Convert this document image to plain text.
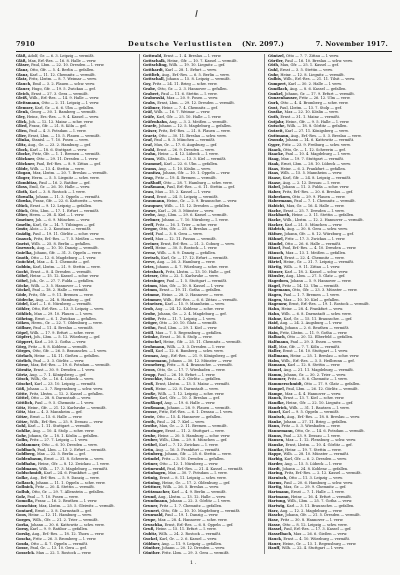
7910	Deutsche Verlustlisten (Nr. 2097.)	7. November 1917.
Gläß, Adolf, Gr. — 6. 3. Leipzig — vermißt.
Gläß, Max, Erf.-Res. — 16. 8. Halle — verw.
Gläser, Paul, Lbm. — 22. 10. Dresden — l. verw.
Glanz, Otto, Gfr. — 5. 4. Berlin — gefallen.
Glanz, Karl — 11. 12. Chemnitz — vermißt.
Glatz, Fritz, Lbstm. — 8. 7. Weimar — verw.
Glauch, Emil — 3. 2. Plauen — schw. verw.
Glauer, Hugo, Gfr. — 19. 5. Zwickau — gef.
Gleich, Ernst — 27. 3. Gera — vermißt.
Gleiß, Wilh., Erf.-Res. — 14. 9. Halle — verw.
Gleitsmann, Otto — 2. 11. Leipzig — l. verw.
Glemser, Karl, Gr. — 6. 6. Ulm — gefallen.
Glenk, Georg — 30. 1. Bamberg — vermißt.
Gley, Heinr., Ers.-Res. — 9. 4. Kassel — verw.
Glick, Joh. — 12. 12. Mainz — schw. verw.
Glied, Franz, Gfr. — 21. 8. Köln — gef.
Glien, Paul — 4. 3. Potsdam — l. verw.
Glier, Ernst, Lbm. — 15. 5. Plauen — vermißt.
Glinka, Stanisl. — 7. 10. Posen — verw.
Glitz, Aug., Gr. — 23. 2. Hamburg — gef.
Glock, Karl — 18. 6. Stuttgart — verw.
Glocke, Fritz, Gfr. — 1. 1. Bremen — vermißt.
Glöckner, Otto — 29. 11. Dresden — l. verw.
Glöckner, Paul, Erf.-Res. — 8. 9. Zittau — gef.
Glöde, Wilh. — 13. 4. Stettin — verw.
Glogau, Max, Lbstm. — 20. 7. Breslau — vermißt.
Gloger, Herm. — 5. 5. Liegnitz — schw. verw.
Glombitza, Paul — 16. 2. Ratibor — gef.
Gloss, Emil, Gr. — 26. 10. Halle — verw.
Gloth, Karl — 3. 8. Rostock — l. verw.
Glowalla, Johann — 11. 3. Oppeln — vermißt.
Glowka, Franz, Gfr. — 22. 6. Kattowitz — verw.
Glück, Ernst — 9. 12. Leipzig — gefallen.
Glück, Otto, Lbm. — 17. 1. Erfurt — vermißt.
Glüer, Herm. — 28. 4. Kiel — l. verw.
Gmeiner, Joh. — 6. 9. München — verw.
Gmelin, Karl, Gr. — 14. 7. Tübingen — gef.
Gmür, Alois — 2. 2. Konstanz — vermißt.
Gnädig, Paul — 19. 11. Görlitz — schw. verw.
Gnauck, Fritz, Erf.-Res. — 7. 5. Meißen — verw.
Gneist, Wilh. — 25. 8. Berlin — gefallen.
Gnewuch, Aug. — 10. 10. Danzig — vermißt.
Gnielka, Johann, Gfr. — 31. 3. Oppeln — verw.
Gnoth, Otto — 12. 6. Magdeburg — l. verw.
Gnüchtel, Max — 4. 1. Chemnitz — gef.
Gobbin, Karl, Lbstm. — 21. 9. Stettin — verw.
Gocht, Ernst — 8. 4. Dresden — vermißt.
Göbel, Heinr. — 15. 12. Kassel — schw. verw.
Göbel, Joh., Gr. — 27. 7. Fulda — gefallen.
Göcke, Wilh. — 3. 5. Hannover — l. verw.
Göckel, Paul — 18. 2. Halle — vermißt.
Göde, Fritz, Gfr. — 9. 11. Bremen — verw.
Gödecke, Aug. — 24. 8. Hamburg — gef.
Gödel, Karl — 1. 6. Nürnberg — vermißt.
Göhler, Otto, Erf.-Res. — 13. 3. Leipzig — verw.
Göhlich, Max — 29. 10. Plauen — l. verw.
Göhring, Ernst — 6. 1. Zwickau — gefallen.
Göken, Herm., Gr. — 22. 7. Oldenburg — verw.
Göllner, Paul — 11. 4. Breslau — vermißt.
Göpel, Wilh. — 17. 9. Erfurt — schw. verw.
Göpfert, Joh., Lbm. — 5. 12. Würzburg — gef.
Göppert, Karl — 20. 2. Gotha — verw.
Görg, Fritz — 8. 8. Koblenz — vermißt.
Görges, Otto, Gfr. — 26. 5. Braunschw. — l. verw.
Görlach, Heinr. — 14. 11. Gießen — gefallen.
Görlich, Paul — 3. 3. Görlitz — verw.
Görne, Max, Erf.-Res. — 19. 6. Potsdam — vermißt.
Görnitz, Ernst — 30. 9. Dresden — l. verw.
Görtz, Aug. — 7. 1. Königsberg — gef.
Gösch, Wilh., Gr. — 16. 4. Lübeck — verw.
Göschel, Karl — 23. 10. Leipzig — vermißt.
Göß, Johann — 2. 7. Regensburg — schw. verw.
Götte, Fritz, Lbstm. — 12. 2. Kassel — gefallen.
Göttel, Otto — 28. 8. Darmstadt — verw.
Göttlich, Paul — 9. 5. Chemnitz — l. verw.
Götz, Heinr., Gfr. — 21. 12. Karlsruhe — vermißt.
Götz, Max — 4. 3. Mannheim — gef.
Götze, Ernst — 15. 6. Halle — verw.
Götze, Wilh., Erf.-Res. — 25. 9. Dessau — verw.
Gohl, Karl — 1. 11. Stuttgart — vermißt.
Gohlke, Aug. — 10. 4. Stolp — schw. verw.
Gohr, Johann, Gr. — 18. 1. Köslin — gefallen.
Golbs, Fritz — 27. 7. Leipzig — l. verw.
Goldammer, Otto — 6. 10. Dresden — verw.
Goldbach, Paul, Lbm. — 13. 2. Erfurt — vermißt.
Goldberg, Max — 22. 5. Berlin — gef.
Goldenbaum, Ernst — 31. 8. Schwerin — verw.
Goldhahn, Heinr., Gfr. — 8. 12. Zwickau — l. verw.
Goldmann, Wilh. — 17. 3. Magdeburg — vermißt.
Goldschmidt, Karl — 24. 6. Frankfurt — gef.
Golke, Aug., Erf.-Res. — 5. 9. Danzig — verw.
Gollasch, Johann — 11. 1. Oppeln — schw. verw.
Gollnick, Fritz — 20. 4. Stettin — vermißt.
Gollub, Otto, Gr. — 29. 7. Allenstein — gefallen.
Golz, Paul — 7. 10. Posen — verw.
Gomolla, Franz — 16. 2. Beuthen — l. verw.
Gonschior, Max, Lbstm. — 25. 5. Gleiwitz — vermißt.
Gontard, Ernst — 3. 8. Darmstadt — gef.
Goos, Heinr. — 12. 11. Hamburg — verw.
Gorges, Wilh., Gfr. — 21. 2. Trier — vermißt.
Gorka, Johann — 30. 6. Kattowitz — schw. verw.
Gorny, Karl — 9. 9. Ratibor — gefallen.
Gorsky, Aug., Erf.-Res. — 18. 12. Thorn — verw.
Goscha, Fritz — 26. 3. Bromberg — l. verw.
Gosda, Otto — 4. 7. Oppeln — vermißt.
Gosse, Paul, Gr. — 13. 10. Gera — gef.
Gosselck, Max — 22. 1. Rostock — verw.
Gottwald, Ernst — 1. 4. Breslau — l. verw.
Gottschalk, Heinr., Gfr. — 10. 7. Kassel — vermißt.
Gottschling, Wilh. — 19. 10. Liegnitz — gef.
Gotthardt, Karl — 28. 1. Erfurt — verw.
Gottlieb, Aug., Erf.-Res. — 6. 5. Berlin — verw.
Gottschall, Johann — 15. 8. Leipzig — vermißt.
Goy, Fritz — 24. 11. Brieg — schw. verw.
Grabe, Otto, Gr. — 2. 3. Hannover — gefallen.
Grabert, Paul — 11. 6. Stettin — l. verw.
Grabowski, Max — 20. 9. Posen — verw.
Grabs, Ernst, Lbm. — 29. 12. Dresden — vermißt.
Gräbner, Heinr. — 7. 4. Chemnitz — gef.
Gräf, Wilh. — 16. 7. Weimar — verw.
Gräfe, Karl, Gfr. — 25. 10. Halle — l. verw.
Gräfenhahn, Aug. — 3. 2. Meißen — vermißt.
Graefe, Johann — 12. 5. Magdeburg — gefallen.
Gräser, Fritz, Erf.-Res. — 21. 8. Plauen — verw.
Graetz, Otto — 30. 11. Breslau — schw. verw.
Graf, Paul — 8. 3. München — vermißt.
Graf, Max, Gr. — 17. 6. Augsburg — gef.
Grahl, Ernst — 26. 9. Dresden — verw.
Grahn, Heinr. — 4. 12. Lübeck — l. verw.
Gram, Wilh., Lbstm. — 13. 3. Kiel — vermißt.
Grammel, Karl — 22. 6. Ulm — gefallen.
Grams, Aug. — 1. 10. Köslin — verw.
Granitza, Johann, Gfr. — 10. 1. Oppeln — verw.
Grap, Fritz — 19. 4. Bremen — vermißt.
Graßhoff, Otto — 28. 7. Hamburg — schw. verw.
Graßmann, Paul, Erf.-Res. — 6. 11. Stettin — gef.
Grau, Max — 15. 2. Kassel — l. verw.
Graul, Ernst — 24. 5. Leipzig — vermißt.
Graumann, Heinr., Gr. — 2. 9. Braunschw. — verw.
Graupner, Wilh. — 11. 12. Dresden — gefallen.
Grawe, Karl — 20. 3. Münster — verw.
Grebe, Aug., Lbm. — 29. 6. Kassel — vermißt.
Grebner, Johann — 7. 10. Nürnberg — l. verw.
Greff, Fritz — 16. 1. Trier — schw. verw.
Gregor, Otto, Gfr. — 25. 4. Breslau — gef.
Greif, Paul — 3. 8. Gera — verw.
Greil, Max — 12. 11. Passau — vermißt.
Greiner, Ernst, Erf.-Res. — 21. 2. Coburg — verw.
Grell, Heinr. — 30. 5. Rostock — l. verw.
Grenz, Wilh. — 8. 9. Danzig — gefallen.
Gretsch, Karl, Gr. — 17. 12. Erfurt — vermißt.
Greve, Aug. — 26. 3. Hamburg — verw.
Gries, Johann — 4. 7. Würzburg — schw. verw.
Griesbach, Fritz, Lbstm. — 13. 10. Halle — gef.
Grieser, Otto — 22. 1. Karlsruhe — verw.
Griesinger, Paul — 1. 5. Stuttgart — vermißt.
Grimm, Max, Gfr. — 10. 8. Kassel — l. verw.
Grimm, Ernst — 19. 11. Gotha — gefallen.
Grimme, Heinr. — 28. 2. Hannover — verw.
Grimmer, Wilh., Erf.-Res. — 6. 6. Zittau — vermißt.
Grineisen, Karl — 15. 9. Mannheim — verw.
Grob, Aug. — 24. 12. Koblenz — schw. verw.
Grobe, Johann, Gr. — 2. 4. Magdeburg — gef.
Gröbe, Fritz — 11. 7. Leipzig — l. verw.
Gröger, Otto — 20. 10. Glatz — vermißt.
Gröhn, Paul, Lbm. — 29. 1. Kiel — verw.
Gröll, Max — 7. 5. Regensburg — gefallen.
Grönke, Ernst — 16. 8. Stolp — verw.
Gröschel, Heinr., Gfr. — 25. 11. Chemnitz — vermißt.
Grohmann, Wilh. — 3. 3. Dresden — l. verw.
Groll, Karl — 12. 6. Bamberg — schw. verw.
Gronau, Aug., Erf.-Res. — 21. 9. Königsberg — gef.
Gronemann, Johann — 30. 12. Münster — verw.
Groneberg, Fritz — 8. 4. Braunschw. — vermißt.
Groos, Otto, Gr. — 17. 7. Wiesbaden — verw.
Gropp, Paul — 26. 10. Erfurt — l. verw.
Groschke, Max — 4. 2. Görlitz — gefallen.
Groß, Ernst, Lbstm. — 13. 5. Mainz — vermißt.
Groß, Heinr. — 22. 8. Darmstadt — verw.
Große, Wilh. — 1. 12. Leipzig — schw. verw.
Großer, Karl, Gfr. — 10. 3. Breslau — gef.
Großkopf, Aug. — 19. 6. Halle — verw.
Großmann, Johann — 28. 9. Plauen — vermißt.
Grosse, Fritz, Erf.-Res. — 6. 1. Dessau — l. verw.
Grote, Otto — 15. 4. Hannover — gefallen.
Groth, Paul — 24. 7. Kiel — verw.
Grothe, Max, Gr. — 2. 11. Bremen — vermißt.
Grozinger, Ernst — 11. 2. Stuttgart — verw.
Grube, Heinr. — 20. 5. Hamburg — schw. verw.
Gruber, Wilh., Lbm. — 29. 8. München — gef.
Grübel, Karl — 7. 12. Zwickau — l. verw.
Grün, Aug. — 16. 3. Frankfurt — vermißt.
Grünberg, Johann, Gfr. — 25. 6. Stettin — verw.
Gründel, Fritz — 3. 10. Dresden — gefallen.
Grüner, Otto — 12. 1. Nürnberg — verw.
Grünewald, Paul, Erf.-Res. — 21. 4. Kassel — vermißt.
Grünhagen, Max — 30. 7. Potsdam — l. verw.
Grünig, Ernst — 8. 11. Leipzig — schw. verw.
Grüning, Heinr., Gr. — 17. 2. Oldenburg — gef.
Grüttner, Wilh. — 26. 5. Breslau — verw.
Grützmacher, Karl — 4. 9. Berlin — vermißt.
Grund, Aug., Lbstm. — 13. 12. Halle — verw.
Grundmann, Johann — 22. 3. Görlitz — l. verw.
Gruner, Fritz — 1. 7. Chemnitz — gefallen.
Grunert, Otto, Gfr. — 10. 10. Magdeburg — vermißt.
Grunwald, Paul — 19. 1. Danzig — verw.
Grupe, Max — 28. 4. Hannover — schw. verw.
Gruschka, Ernst, Erf.-Res. — 6. 8. Oppeln — gef.
Gruß, Heinr. — 15. 11. Erfurt — l. verw.
Gubitz, Wilh. — 24. 2. Rostock — vermißt.
Guckel, Karl, Gr. — 2. 6. Kassel — verw.
Güldner, Aug. — 11. 9. Leipzig — gefallen.
Günther, Johann — 20. 12. Dresden — verw.
Günther, Fritz, Lbm. — 29. 3. Gera — vermißt.
Güntzel, Otto — 7. 7. Zittau — l. verw.
Gürtler, Paul — 16. 10. Breslau — schw. verw.
Güth, Max, Gfr. — 25. 1. Kassel — gef.
Guhl, Ernst — 3. 5. Stettin — verw.
Guhr, Heinr. — 12. 8. Liegnitz — vermißt.
Gulbis, Wilh., Erf.-Res. — 21. 11. Tilsit — verw.
Gumpert, Karl — 30. 2. Halle — l. verw.
Gundlach, Aug. — 8. 6. Kassel — gefallen.
Gunkel, Johann, Gr. — 17. 9. Erfurt — vermißt.
Gunzenhauser, Fritz — 26. 12. Ulm — verw.
Gurk, Otto — 4. 4. Bromberg — schw. verw.
Gust, Paul, Lbstm. — 13. 7. Stolp — gef.
Gustke, Max — 22. 10. Köslin — verw.
Guth, Ernst — 31. 1. Mainz — vermißt.
Gutjahr, Heinr., Gfr. — 9. 5. Halle — l. verw.
Gutsche, Wilh. — 18. 8. Görlitz — gefallen.
Gutzeit, Karl — 27. 11. Königsberg — verw.
Guttmann, Aug., Erf.-Res. — 5. 3. Breslau — verw.
Gwosdz, Johann — 14. 6. Kattowitz — vermißt.
Gyger, Fritz — 23. 9. Freiburg — schw. verw.
Haack, Otto, Gr. — 1. 12. Schwerin — gef.
Haacke, Paul — 10. 4. Magdeburg — l. verw.
Haag, Max — 19. 7. Stuttgart — vermißt.
Haak, Ernst, Lbm. — 28. 10. Lübeck — verw.
Haas, Heinr. — 6. 2. Frankfurt — gefallen.
Haas, Wilh. — 15. 5. Mannheim — verw.
Haase, Karl, Gfr. — 24. 8. Leipzig — vermißt.
Haase, Aug. — 2. 12. Dessau — l. verw.
Habel, Johann — 11. 3. Fulda — schw. verw.
Haber, Fritz, Erf.-Res. — 20. 6. Breslau — gef.
Haberkorn, Otto — 29. 9. Plauen — verw.
Habermann, Paul — 7. 1. Chemnitz — vermißt.
Habicht, Max, Gr. — 16. 4. Halle — verw.
Hache, Ernst — 25. 7. Dresden — l. verw.
Hackbarth, Heinr. — 3. 11. Stettin — gefallen.
Hacke, Wilh., Lbstm. — 12. 2. Hannover — vermißt.
Hacker, Karl — 21. 5. München — verw.
Hädrich, Aug. — 30. 8. Gera — schw. verw.
Häfner, Johann, Gfr. — 8. 12. Würzburg — gef.
Hähnel, Fritz — 17. 3. Zwickau — l. verw.
Händel, Otto — 26. 6. Halle — vermißt.
Hänel, Paul, Erf.-Res. — 4. 10. Dresden — verw.
Hänsch, Max — 13. 1. Meißen — gefallen.
Hänsel, Ernst — 22. 4. Chemnitz — verw.
Härtel, Heinr., Gr. — 31. 7. Leipzig — vermißt.
Härtig, Wilh. — 9. 11. Zittau — l. verw.
Häuser, Karl — 18. 2. Kassel — schw. verw.
Häusler, Aug., Lbm. — 27. 5. Glatz — gef.
Hagedorn, Johann — 5. 9. Hannover — verw.
Hagel, Fritz — 14. 12. Ulm — vermißt.
Hagemann, Otto, Gfr. — 23. 3. Münster — verw.
Hagen, Paul — 1. 7. Bremen — l. verw.
Hagen, Max — 10. 10. Kiel — gefallen.
Hagenow, Ernst, Erf.-Res. — 19. 1. Rostock — vermißt.
Hahn, Heinr. — 28. 4. Frankfurt — verw.
Hahn, Wilh. — 6. 8. Darmstadt — schw. verw.
Hahne, Karl, Gr. — 15. 11. Braunschw. — gef.
Haid, Aug. — 24. 2. Augsburg — l. verw.
Haiduk, Johann — 2. 6. Beuthen — vermißt.
Hain, Fritz, Lbstm. — 11. 9. Gotha — verw.
Halbach, Otto — 20. 12. Elberfeld — gefallen.
Halfmann, Paul — 29. 3. Essen — verw.
Hall, Max, Gfr. — 7. 7. Köln — vermißt.
Haller, Ernst — 16. 10. Stuttgart — l. verw.
Hallmann, Heinr. — 25. 1. Breslau — schw. verw.
Halm, Wilh., Erf.-Res. — 3. 5. Heilbronn — gef.
Hamann, Karl — 12. 8. Stettin — verw.
Hamel, Aug. — 21. 11. Magdeburg — vermißt.
Hamm, Johann, Gr. — 30. 2. Trier — verw.
Hammer, Fritz — 8. 6. Chemnitz — l. verw.
Hammerschmidt, Otto — 17. 9. Glatz — gefallen.
Hampel, Paul, Lbm. — 26. 12. Görlitz — vermißt.
Hampe, Max — 4. 4. Hannover — verw.
Hanck, Ernst — 13. 7. Kiel — schw. verw.
Handke, Heinr., Gfr. — 22. 10. Liegnitz — gef.
Handrick, Wilh. — 31. 1. Bautzen — l. verw.
Hanel, Karl — 9. 5. Oppeln — vermißt.
Hanisch, Aug., Erf.-Res. — 18. 8. Breslau — verw.
Hanke, Johann — 27. 11. Brieg — gefallen.
Hann, Fritz — 5. 3. Wiesbaden — verw.
Hannemann, Otto, Gr. — 14. 6. Potsdam — vermißt.
Hanns, Paul — 23. 9. Dessau — l. verw.
Hansen, Max — 1. 12. Flensburg — schw. verw.
Hanske, Ernst, Lbstm. — 10. 4. Görlitz — gef.
Hantke, Heinr. — 19. 7. Stettin — verw.
Happe, Wilh. — 28. 10. Münster — vermißt.
Harbig, Karl, Gfr. — 6. 2. Dresden — verw.
Harder, Aug. — 15. 5. Lübeck — l. verw.
Hardt, Johann — 24. 8. Koblenz — gefallen.
Haring, Fritz, Erf.-Res. — 2. 12. Kassel — vermißt.
Harnisch, Otto — 11. 3. Leipzig — verw.
Harms, Paul — 20. 6. Hamburg — schw. verw.
Hartig, Max, Gr. — 29. 9. Chemnitz — gef.
Hartmann, Ernst — 7. 1. Halle — l. verw.
Hartmann, Heinr. — 16. 4. Erfurt — vermißt.
Hartung, Wilh., Lbm. — 25. 7. Gotha — verw.
Hartwig, Karl — 3. 11. Braunschw. — gefallen.
Harz, Aug. — 12. 2. Magdeburg — verw.
Hasche, Johann, Gfr. — 21. 5. Dresden — vermißt.
Hase, Fritz — 30. 8. Hannover — l. verw.
Hasse, Otto — 8. 12. Leipzig — schw. verw.
Hassel, Paul, Erf.-Res. — 17. 3. Kassel — gef.
Hasselbach, Max — 26. 6. Gießen — verw.
Hauck, Ernst — 4. 10. Würzburg — vermißt.
Hauer, Heinr., Gr. — 13. 1. Regensburg — verw.
Hauff, Wilh. — 22. 4. Stuttgart — l. verw.
1 .
